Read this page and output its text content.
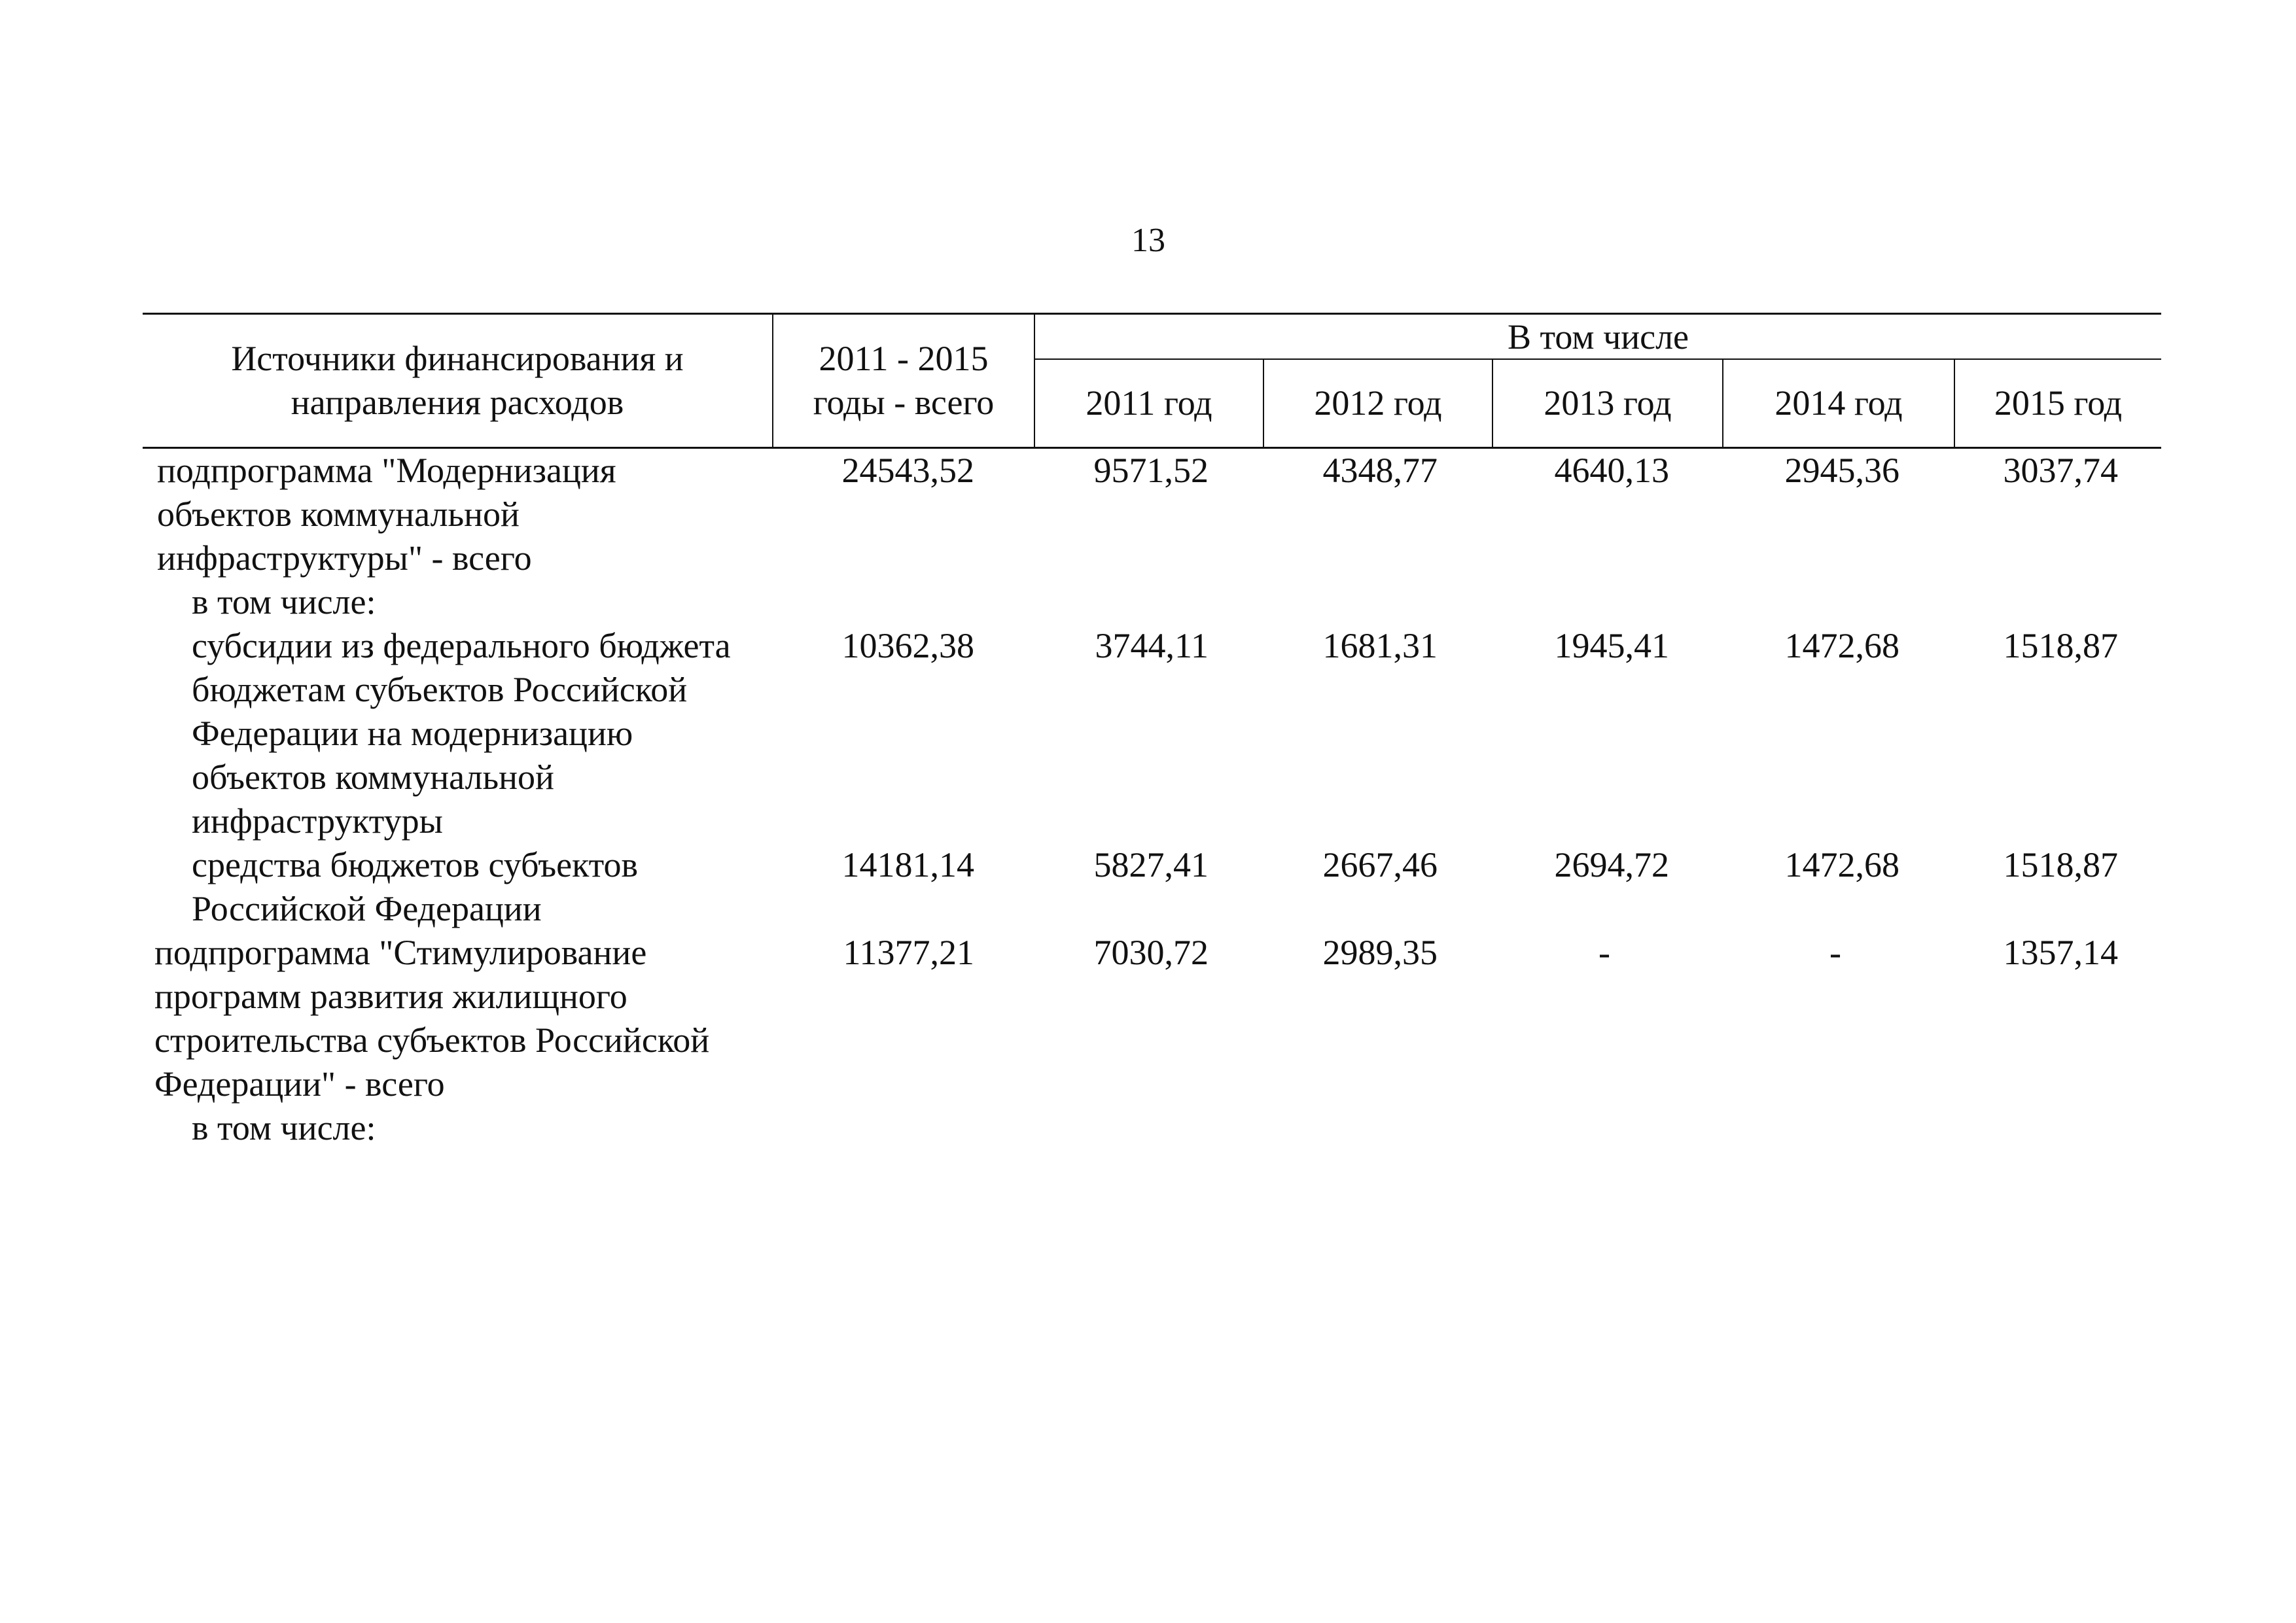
13
Источники финансирования и направления расходов	2011 - 2015 годы - всего	В том числе				
		2011 год	2012 год	2013 год	2014 год	2015 год

подпрограмма "Модернизация объектов коммунальной инфраструктуры" - всего	24543,52	9571,52	4348,77	4640,13	2945,36	3037,74

в том числе:						

субсидии из федерального бюджета бюджетам субъектов Российской Федерации на модернизацию объектов коммунальной инфраструктуры	10362,38	3744,11	1681,31	1945,41	1472,68	1518,87

средства бюджетов субъектов Российской Федерации	14181,14	5827,41	2667,46	2694,72	1472,68	1518,87

подпрограмма "Стимулирование программ развития жилищного строительства субъектов Российской Федерации" - всего	11377,21	7030,72	2989,35	-	-	1357,14

в том числе:						
